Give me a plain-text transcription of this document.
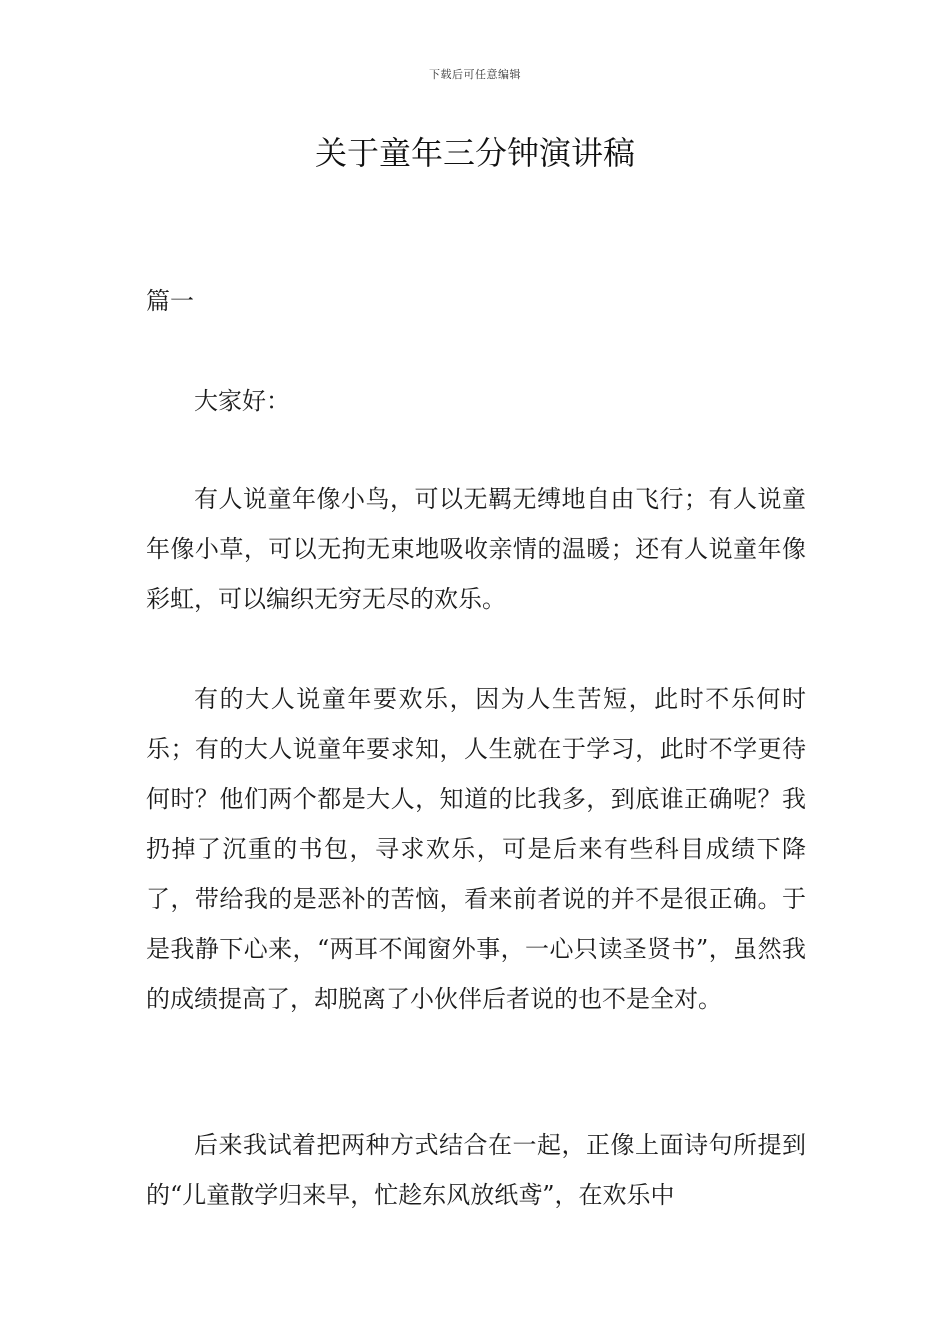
下载后可任意编辑
关于童年三分钟演讲稿

篇一

大家好：

有人说童年像小鸟，可以无羁无缚地自由飞行；有人说童年像小草，可以无拘无束地吸收亲情的温暖；还有人说童年像彩虹，可以编织无穷无尽的欢乐。

有的大人说童年要欢乐，因为人生苦短，此时不乐何时乐；有的大人说童年要求知，人生就在于学习，此时不学更待何时？他们两个都是大人，知道的比我多，到底谁正确呢？我扔掉了沉重的书包，寻求欢乐，可是后来有些科目成绩下降了，带给我的是恶补的苦恼，看来前者说的并不是很正确。于是我静下心来，“两耳不闻窗外事，一心只读圣贤书”，虽然我的成绩提高了，却脱离了小伙伴后者说的也不是全对。

后来我试着把两种方式结合在一起，正像上面诗句所提到的“儿童散学归来早，忙趁东风放纸鸢”，在欢乐中
